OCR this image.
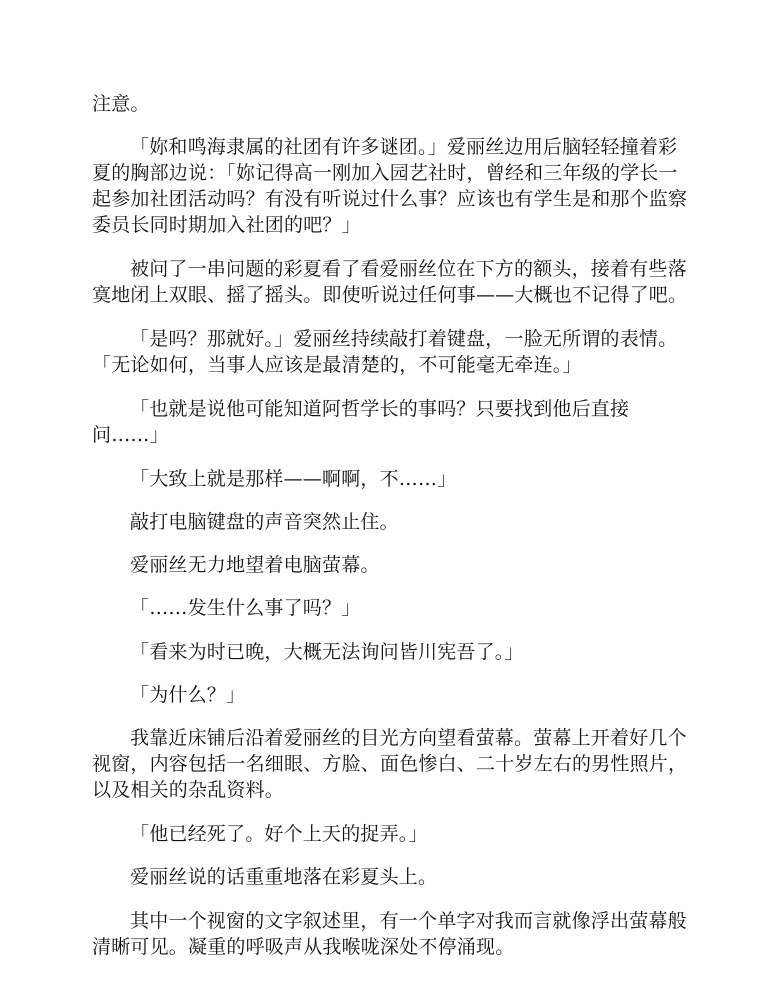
注意。
「妳和鸣海隶属的社团有许多谜团。」爱丽丝边用后脑轻轻撞着彩
夏的胸部边说：「妳记得高一刚加入园艺社时，曾经和三年级的学长一
起参加社团活动吗？有没有听说过什么事？应该也有学生是和那个监察
委员长同时期加入社团的吧？」
被问了一串问题的彩夏看了看爱丽丝位在下方的额头，接着有些落
寞地闭上双眼、摇了摇头。即使听说过任何事——大概也不记得了吧。
「是吗？那就好。」爱丽丝持续敲打着键盘，一脸无所谓的表情。
「无论如何，当事人应该是最清楚的，不可能毫无牵连。」
「也就是说他可能知道阿哲学长的事吗？只要找到他后直接
问……」
「大致上就是那样——啊啊，不……」
敲打电脑键盘的声音突然止住。
爱丽丝无力地望着电脑萤幕。
「……发生什么事了吗？」
「看来为时已晚，大概无法询问皆川宪吾了。」
「为什么？」
我靠近床铺后沿着爱丽丝的目光方向望看萤幕。萤幕上开着好几个
视窗，内容包括一名细眼、方脸、面色惨白、二十岁左右的男性照片，
以及相关的杂乱资料。
「他已经死了。好个上天的捉弄。」
爱丽丝说的话重重地落在彩夏头上。
其中一个视窗的文字叙述里，有一个单字对我而言就像浮出萤幕般
清晰可见。凝重的呼吸声从我喉咙深处不停涌现。
